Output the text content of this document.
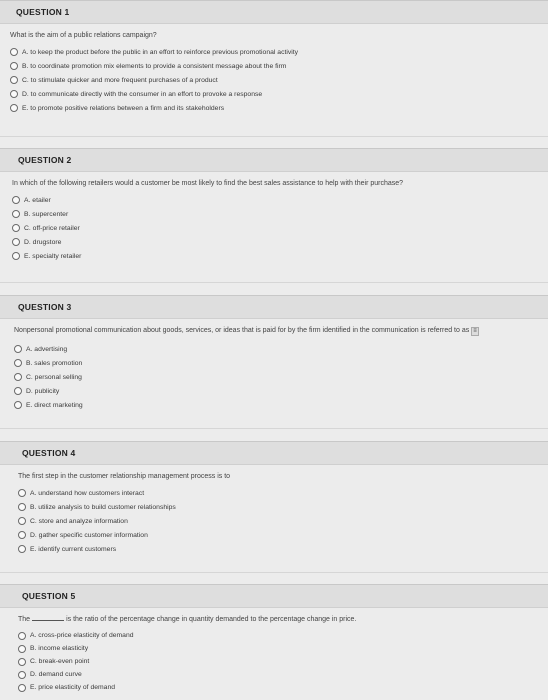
QUESTION 1
What is the aim of a public relations campaign?
A. to keep the product before the public in an effort to reinforce previous promotional activity
B. to coordinate promotion mix elements to provide a consistent message about the firm
C. to stimulate quicker and more frequent purchases of a product
D. to communicate directly with the consumer in an effort to provoke a response
E. to promote positive relations between a firm and its stakeholders
QUESTION 2
In which of the following retailers would a customer be most likely to find the best sales assistance to help with their purchase?
A. etailer
B. supercenter
C. off-price retailer
D. drugstore
E. specialty retailer
QUESTION 3
Nonpersonal promotional communication about goods, services, or ideas that is paid for by the firm identified in the communication is referred to as ≡
A. advertising
B. sales promotion
C. personal selling
D. publicity
E. direct marketing
QUESTION 4
The first step in the customer relationship management process is to
A. understand how customers interact
B. utilize analysis to build customer relationships
C. store and analyze information
D. gather specific customer information
E. identify current customers
QUESTION 5
The	is the ratio of the percentage change in quantity demanded to the percentage change in price.
A. cross-price elasticity of demand
B. income elasticity
C. break-even point
D. demand curve
E. price elasticity of demand
